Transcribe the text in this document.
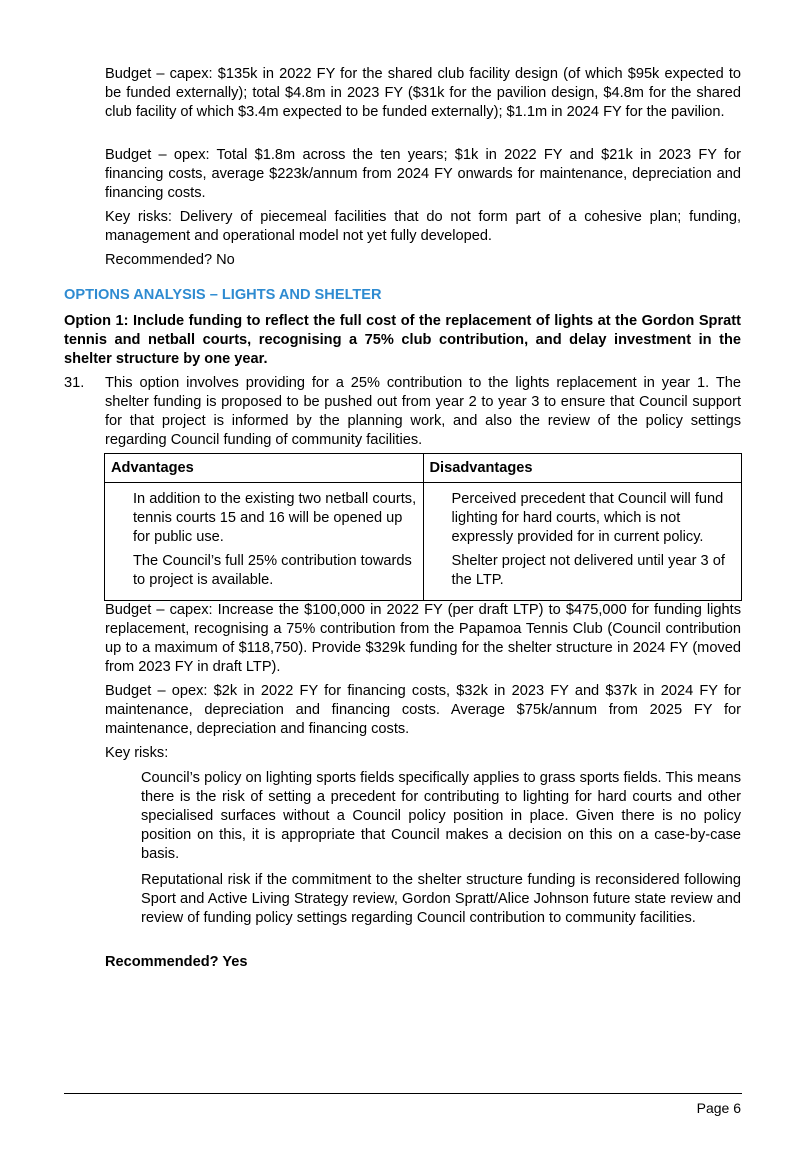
Budget – capex: $135k in 2022 FY for the shared club facility design (of which $95k expected to be funded externally); total $4.8m in 2023 FY ($31k for the pavilion design, $4.8m for the shared club facility of which $3.4m expected to be funded externally); $1.1m in 2024 FY for the pavilion.

Budget – opex: Total $1.8m across the ten years; $1k in 2022 FY and $21k in 2023 FY for financing costs, average $223k/annum from 2024 FY onwards for maintenance, depreciation and financing costs.

Key risks: Delivery of piecemeal facilities that do not form part of a cohesive plan; funding, management and operational model not yet fully developed.

Recommended? No

OPTIONS ANALYSIS – LIGHTS AND SHELTER

Option 1: Include funding to reflect the full cost of the replacement of lights at the Gordon Spratt tennis and netball courts, recognising a 75% club contribution, and delay investment in the shelter structure by one year.

31. This option involves providing for a 25% contribution to the lights replacement in year 1. The shelter funding is proposed to be pushed out from year 2 to year 3 to ensure that Council support for that project is informed by the planning work, and also the review of the policy settings regarding Council funding of community facilities.

Advantages	Disadvantages

In addition to the existing two netball courts, tennis courts 15 and 16 will be opened up for public use.	Perceived precedent that Council will fund lighting for hard courts, which is not expressly provided for in current policy.

The Council’s full 25% contribution towards to project is available.	Shelter project not delivered until year 3 of the LTP.

Budget – capex: Increase the $100,000 in 2022 FY (per draft LTP) to $475,000 for funding lights replacement, recognising a 75% contribution from the Papamoa Tennis Club (Council contribution up to a maximum of $118,750). Provide $329k funding for the shelter structure in 2024 FY (moved from 2023 FY in draft LTP).

Budget – opex: $2k in 2022 FY for financing costs, $32k in 2023 FY and $37k in 2024 FY for maintenance, depreciation and financing costs. Average $75k/annum from 2025 FY for maintenance, depreciation and financing costs.

Key risks:

Council’s policy on lighting sports fields specifically applies to grass sports fields. This means there is the risk of setting a precedent for contributing to lighting for hard courts and other specialised surfaces without a Council policy position in place. Given there is no policy position on this, it is appropriate that Council makes a decision on this on a case-by-case basis.

Reputational risk if the commitment to the shelter structure funding is reconsidered following Sport and Active Living Strategy review, Gordon Spratt/Alice Johnson future state review and review of funding policy settings regarding Council contribution to community facilities.

Recommended? Yes

Page 6
